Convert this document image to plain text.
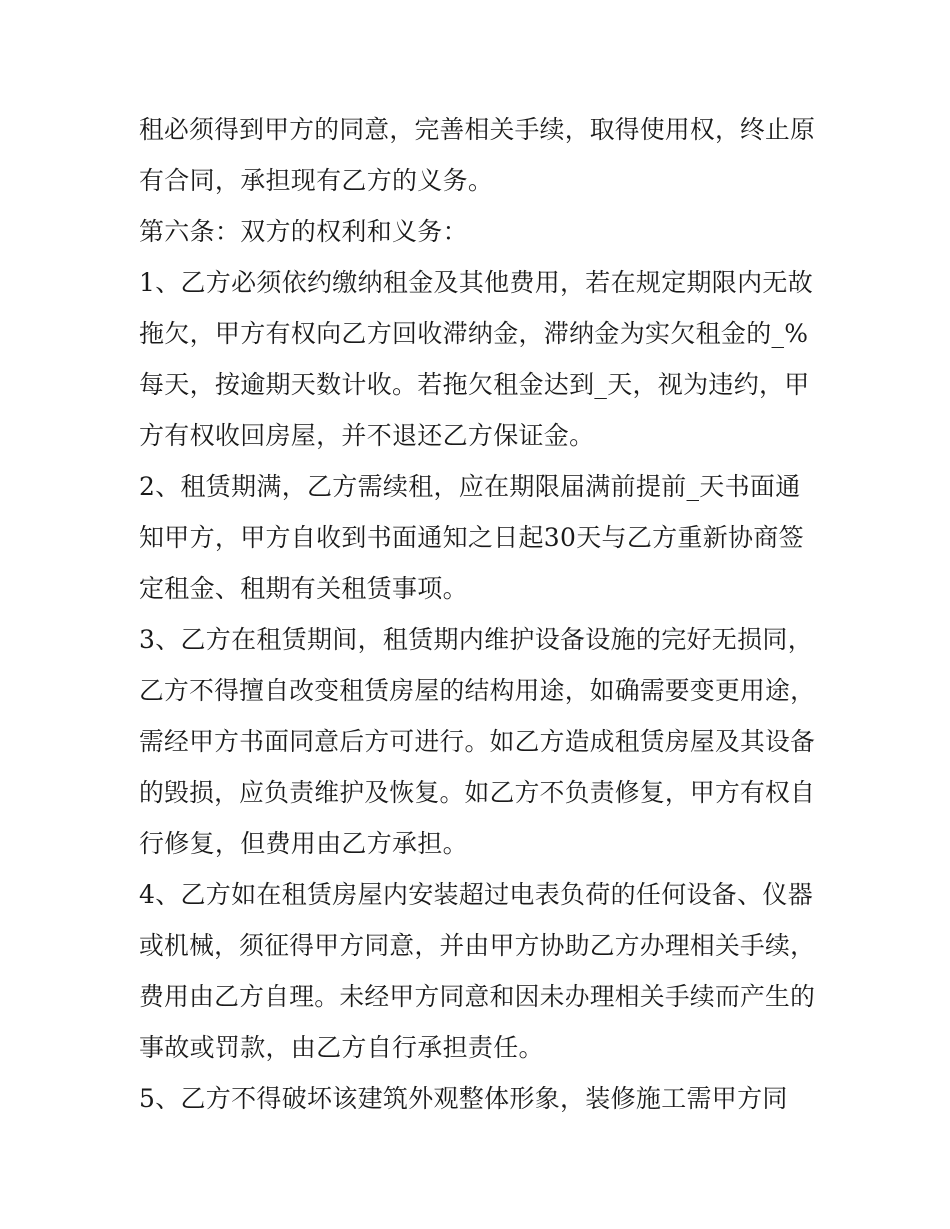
租必须得到甲方的同意，完善相关手续，取得使用权，终止原
有合同，承担现有乙方的义务。
第六条：双方的权利和义务：
1、乙方必须依约缴纳租金及其他费用，若在规定期限内无故
拖欠，甲方有权向乙方回收滞纳金，滞纳金为实欠租金的_%
每天，按逾期天数计收。若拖欠租金达到_天，视为违约，甲
方有权收回房屋，并不退还乙方保证金。
2、租赁期满，乙方需续租，应在期限届满前提前_天书面通
知甲方，甲方自收到书面通知之日起30天与乙方重新协商签
定租金、租期有关租赁事项。
3、乙方在租赁期间，租赁期内维护设备设施的完好无损同，
乙方不得擅自改变租赁房屋的结构用途，如确需要变更用途，
需经甲方书面同意后方可进行。如乙方造成租赁房屋及其设备
的毁损，应负责维护及恢复。如乙方不负责修复，甲方有权自
行修复，但费用由乙方承担。
4、乙方如在租赁房屋内安装超过电表负荷的任何设备、仪器
或机械，须征得甲方同意，并由甲方协助乙方办理相关手续，
费用由乙方自理。未经甲方同意和因未办理相关手续而产生的
事故或罚款，由乙方自行承担责任。
5、乙方不得破坏该建筑外观整体形象，装修施工需甲方同
